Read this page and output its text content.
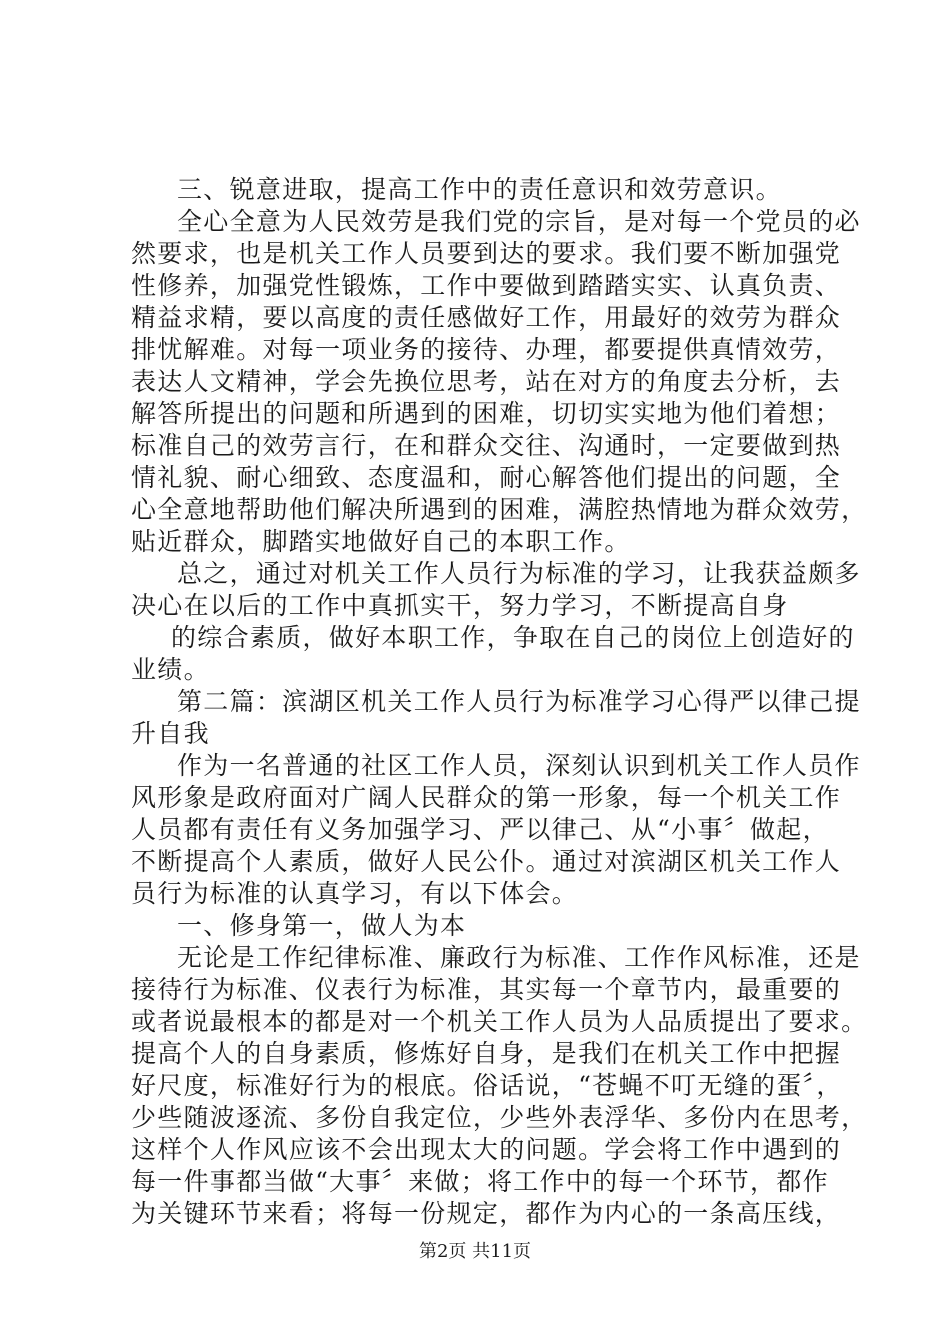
三、锐意进取，提高工作中的责任意识和效劳意识。
全心全意为人民效劳是我们党的宗旨，是对每一个党员的必
然要求，也是机关工作人员要到达的要求。我们要不断加强党
性修养，加强党性锻炼，工作中要做到踏踏实实、认真负责、
精益求精，要以高度的责任感做好工作，用最好的效劳为群众
排忧解难。对每一项业务的接待、办理，都要提供真情效劳，
表达人文精神，学会先换位思考，站在对方的角度去分析，去
解答所提出的问题和所遇到的困难，切切实实地为他们着想；
标准自己的效劳言行，在和群众交往、沟通时，一定要做到热
情礼貌、耐心细致、态度温和，耐心解答他们提出的问题，全
心全意地帮助他们解决所遇到的困难，满腔热情地为群众效劳，
贴近群众，脚踏实地做好自己的本职工作。
总之，通过对机关工作人员行为标准的学习，让我获益颇多
决心在以后的工作中真抓实干，努力学习，不断提高自身
的综合素质，做好本职工作，争取在自己的岗位上创造好的
业绩。
第二篇：滨湖区机关工作人员行为标准学习心得严以律己提
升自我
作为一名普通的社区工作人员，深刻认识到机关工作人员作
风形象是政府面对广阔人民群众的第一形象，每一个机关工作
人员都有责任有义务加强学习、严以律己、从“小事〞做起，
不断提高个人素质，做好人民公仆。通过对滨湖区机关工作人
员行为标准的认真学习，有以下体会。
一、修身第一，做人为本
无论是工作纪律标准、廉政行为标准、工作作风标准，还是
接待行为标准、仪表行为标准，其实每一个章节内，最重要的
或者说最根本的都是对一个机关工作人员为人品质提出了要求。
提高个人的自身素质，修炼好自身，是我们在机关工作中把握
好尺度，标准好行为的根底。俗话说，“苍蝇不叮无缝的蛋〞，
少些随波逐流、多份自我定位，少些外表浮华、多份内在思考，
这样个人作风应该不会出现太大的问题。学会将工作中遇到的
每一件事都当做“大事〞来做；将工作中的每一个环节，都作
为关键环节来看；将每一份规定，都作为内心的一条高压线，
第2页 共11页
